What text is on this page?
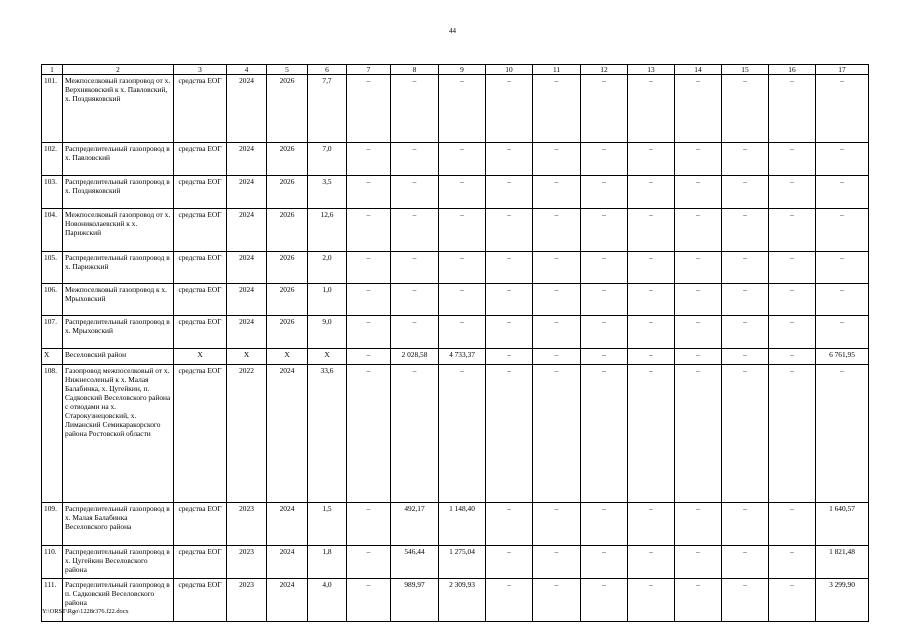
44
1	2	3	4	5	6	7	8	9	10	11	12	13	14	15	16	17
101.	Межпоселковый газопровод от х. Верхняковский к х. Павловский, х. Поздняковский	средства ЕОГ	2024	2026	7,7	–	–	–	–	–	–	–	–	–	–	–
102.	Распределительный газопровод в х. Павловский	средства ЕОГ	2024	2026	7,0	–	–	–	–	–	–	–	–	–	–	–
103.	Распределительный газопровод в х. Поздняковский	средства ЕОГ	2024	2026	3,5	–	–	–	–	–	–	–	–	–	–	–
104.	Межпоселковый газопровод от х. Новониколаевский к х. Парижский	средства ЕОГ	2024	2026	12,6	–	–	–	–	–	–	–	–	–	–	–
105.	Распределительный газопровод в х. Парижский	средства ЕОГ	2024	2026	2,0	–	–	–	–	–	–	–	–	–	–	–
106.	Межпоселковый газопровод к х. Мрыховский	средства ЕОГ	2024	2026	1,0	–	–	–	–	–	–	–	–	–	–	–
107.	Распределительный газопровод в х. Мрыховский	средства ЕОГ	2024	2026	9,0	–	–	–	–	–	–	–	–	–	–	–
Х	Веселовский район	Х	Х	Х	Х	–	2 028,58	4 733,37	–	–	–	–	–	–	–	6 761,95
108.	Газопровод межпоселковый от х. Нижнесоленый к х. Малая Балабинка, х. Цугейкин, п. Садковский Веселовского района с отводами на х. Старокузнецовский, х. Лиманский Семикаракорского района Ростовской области	средства ЕОГ	2022	2024	33,6	–	–	–	–	–	–	–	–	–	–	–
109.	Распределительный газопровод в х. Малая Балабинка Веселовского района	средства ЕОГ	2023	2024	1,5	–	492,17	1 148,40	–	–	–	–	–	–	–	1 640,57
110.	Распределительный газопровод в х. Цугейкин Веселовского района	средства ЕОГ	2023	2024	1,8	–	546,44	1 275,04	–	–	–	–	–	–	–	1 821,48
111.	Распределительный газопровод в п. Садковский Веселовского района	средства ЕОГ	2023	2024	4,0	–	989,97	2 309,93	–	–	–	–	–	–	–	3 299,90
Y:\ORST\Rgo\1228r376.f22.docx
